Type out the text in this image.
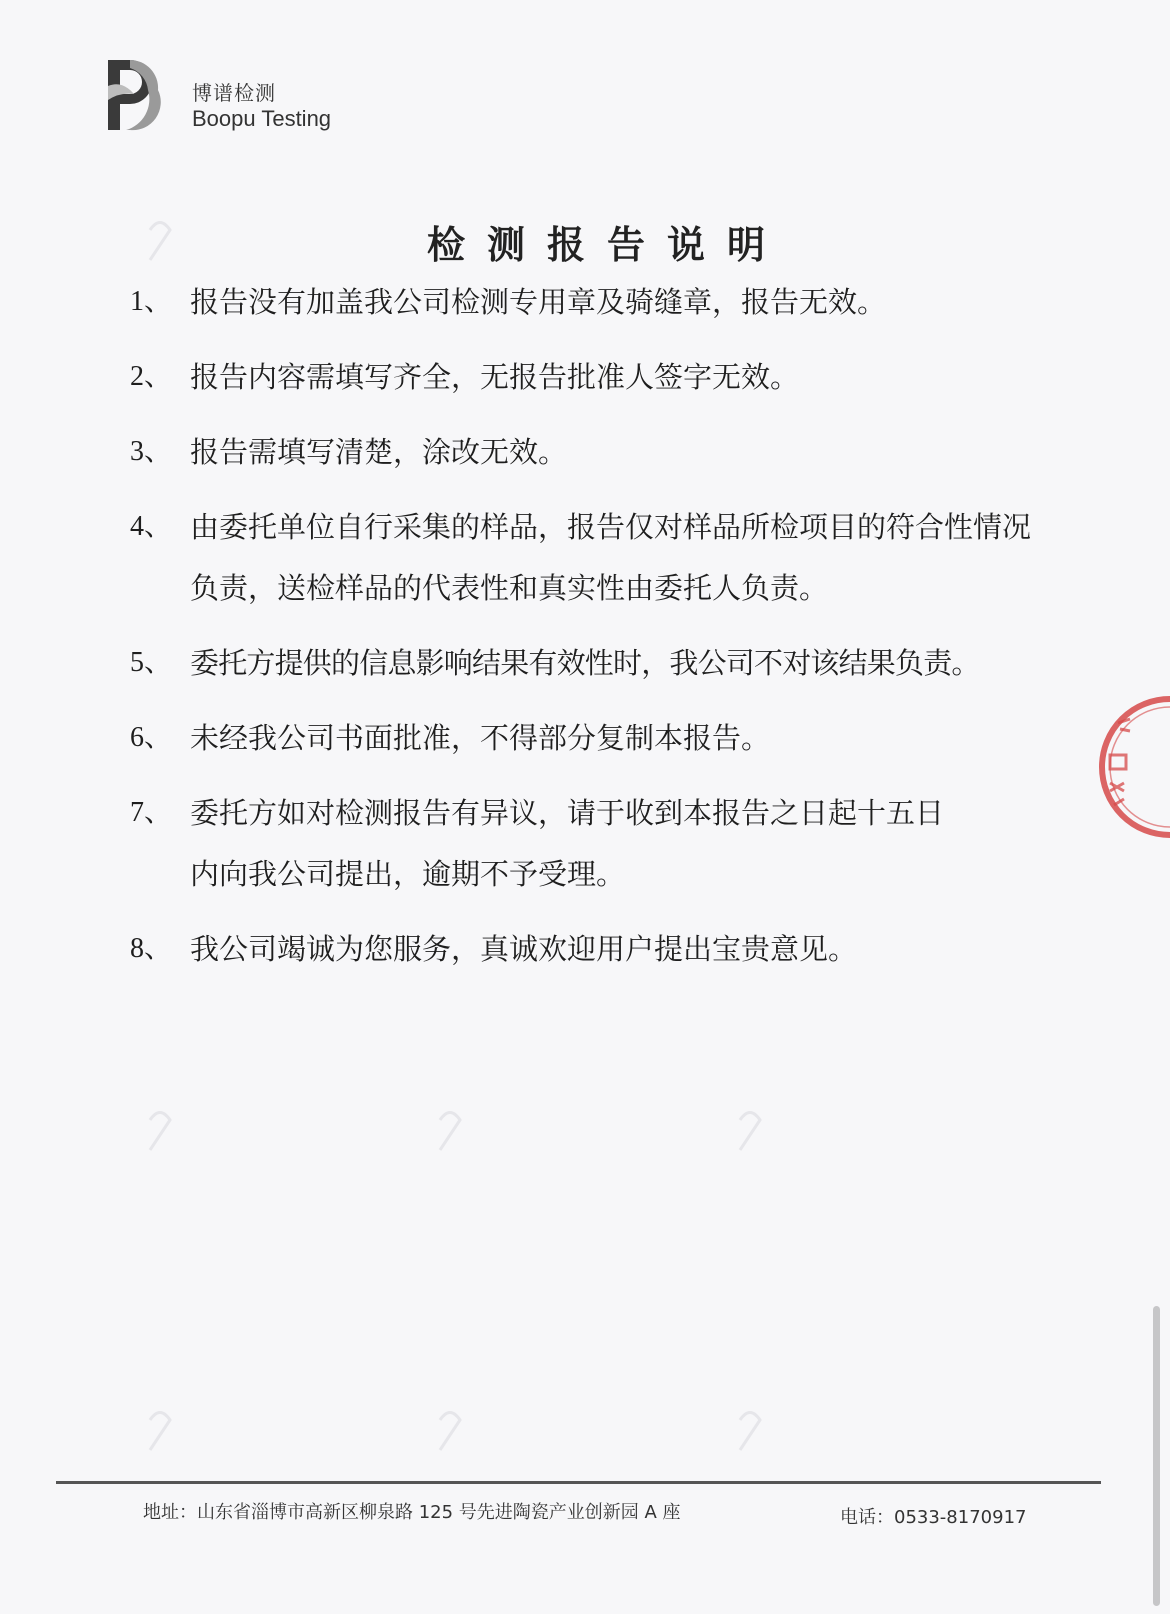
博谱检测
Boopu Testing
检测报告说明
1、 报告没有加盖我公司检测专用章及骑缝章，报告无效。
2、 报告内容需填写齐全，无报告批准人签字无效。
3、 报告需填写清楚，涂改无效。
4、 由委托单位自行采集的样品，报告仅对样品所检项目的符合性情况负责，送检样品的代表性和真实性由委托人负责。
5、 委托方提供的信息影响结果有效性时，我公司不对该结果负责。
6、 未经我公司书面批准，不得部分复制本报告。
7、 委托方如对检测报告有异议，请于收到本报告之日起十五日内向我公司提出，逾期不予受理。
8、 我公司竭诚为您服务，真诚欢迎用户提出宝贵意见。
地址：山东省淄博市高新区柳泉路 125 号先进陶瓷产业创新园 A 座	电话：0533-8170917
